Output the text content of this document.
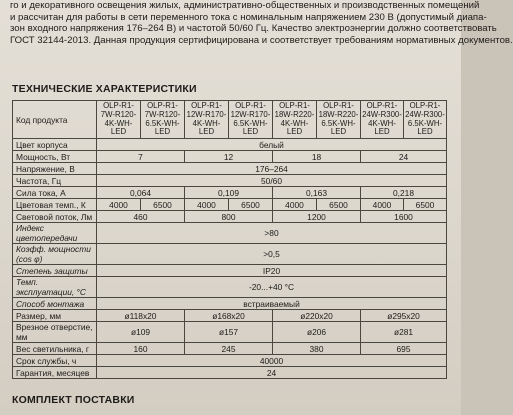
го и декоративного освещения жилых, административно-общественных и производственных помещений
и рассчитан для работы в сети переменного тока с номинальным напряжением 230 В (допустимый диапа-
зон входного напряжения 176–264 В) и частотой 50/60 Гц. Качество электроэнергии должно соответствовать
ГОСТ 32144-2013. Данная продукция сертифицирована и соответствует требованиям нормативных документов.
ТЕХНИЧЕСКИЕ ХАРАКТЕРИСТИКИ
Код продукта	OLP-R1-7W-R120-4K-WH-LED	OLP-R1-7W-R120-6.5K-WH-LED	OLP-R1-12W-R170-4K-WH-LED	OLP-R1-12W-R170-6.5K-WH-LED	OLP-R1-18W-R220-4K-WH-LED	OLP-R1-18W-R220-6.5K-WH-LED	OLP-R1-24W-R300-4K-WH-LED	OLP-R1-24W-R300-6.5K-WH-LED
Цвет корпуса	белый							
Мощность, Вт	7		12		18		24	
Напряжение, В	176–264							
Частота, Гц	50/60							
Сила тока, А	0,064		0,109		0,163		0,218	
Цветовая темп., К	4000	6500	4000	6500	4000	6500	4000	6500
Световой поток, Лм	460		800		1200		1600	
Индекс цветопередачи	>80							
Коэфф. мощности (cos φ)	>0,5							
Степень защиты	IP20							
Темп. эксплуатации, °С	-20...+40 °С							
Способ монтажа	встраиваемый							
Размер, мм	ø118x20		ø168x20		ø220x20		ø295x20	
Врезное отверстие, мм	ø109		ø157		ø206		ø281	
Вес светильника, г	160		245		380		695	
Срок службы, ч	40000							
Гарантия, месяцев	24							
КОМПЛЕКТ ПОСТАВКИ
